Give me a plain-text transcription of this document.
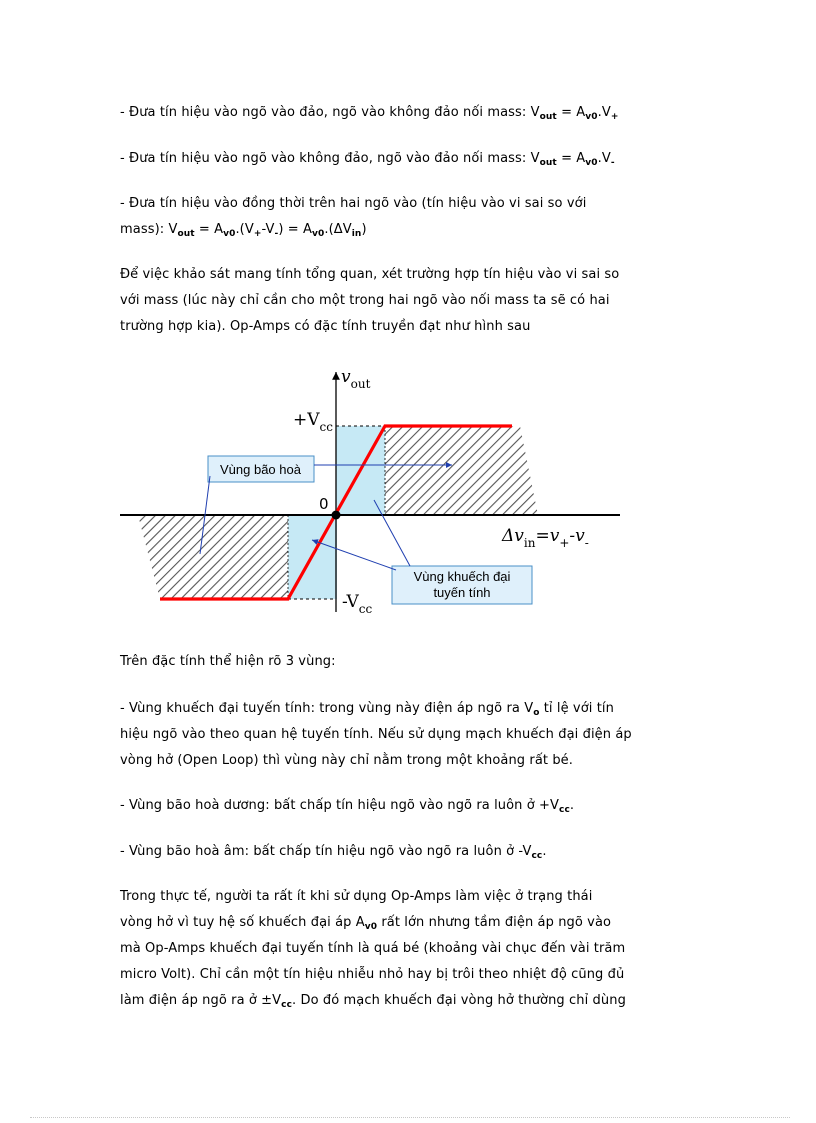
- Đưa tín hiệu vào ngõ vào đảo, ngõ vào không đảo nối mass: $V_{out} = A_{v0}.V_+$
- Đưa tín hiệu vào ngõ vào không đảo, ngõ vào đảo nối mass: $V_{out} = A_{v0}.V_-$
- Đưa tín hiệu vào đồng thời trên hai ngõ vào (tín hiệu vào vi sai so với
mass): $V_{out} = A_{v0}.(V_+-V_-) = A_{v0}.(\Delta V_{in})$
Để việc khảo sát mang tính tổng quan, xét trường hợp tín hiệu vào vi sai so
với mass (lúc này chỉ cần cho một trong hai ngõ vào nối mass ta sẽ có hai
trường hợp kia). Op-Amps có đặc tính truyền đạt như hình sau
$v_{out}$
$+V_{cc}$
$-V_{cc}$
0
$\Delta v_{in}=v_+-v_-$
Vùng bão hoà
Vùng khuếch đại
tuyến tính
Trên đặc tính thể hiện rõ 3 vùng:
- Vùng khuếch đại tuyến tính: trong vùng này điện áp ngõ ra $V_o$ tỉ lệ với tín
hiệu ngõ vào theo quan hệ tuyến tính. Nếu sử dụng mạch khuếch đại điện áp
vòng hở (Open Loop) thì vùng này chỉ nằm trong một khoảng rất bé.
- Vùng bão hoà dương: bất chấp tín hiệu ngõ vào ngõ ra luôn ở $+V_{cc}$.
- Vùng bão hoà âm: bất chấp tín hiệu ngõ vào ngõ ra luôn ở $-V_{cc}$.
Trong thực tế, người ta rất ít khi sử dụng Op-Amps làm việc ở trạng thái
vòng hở vì tuy hệ số khuếch đại áp $A_{v0}$ rất lớn nhưng tầm điện áp ngõ vào
mà Op-Amps khuếch đại tuyến tính là quá bé (khoảng vài chục đến vài trăm
micro Volt). Chỉ cần một tín hiệu nhiễu nhỏ hay bị trôi theo nhiệt độ cũng đủ
làm điện áp ngõ ra ở $\pm V_{cc}$. Do đó mạch khuếch đại vòng hở thường chỉ dùng
